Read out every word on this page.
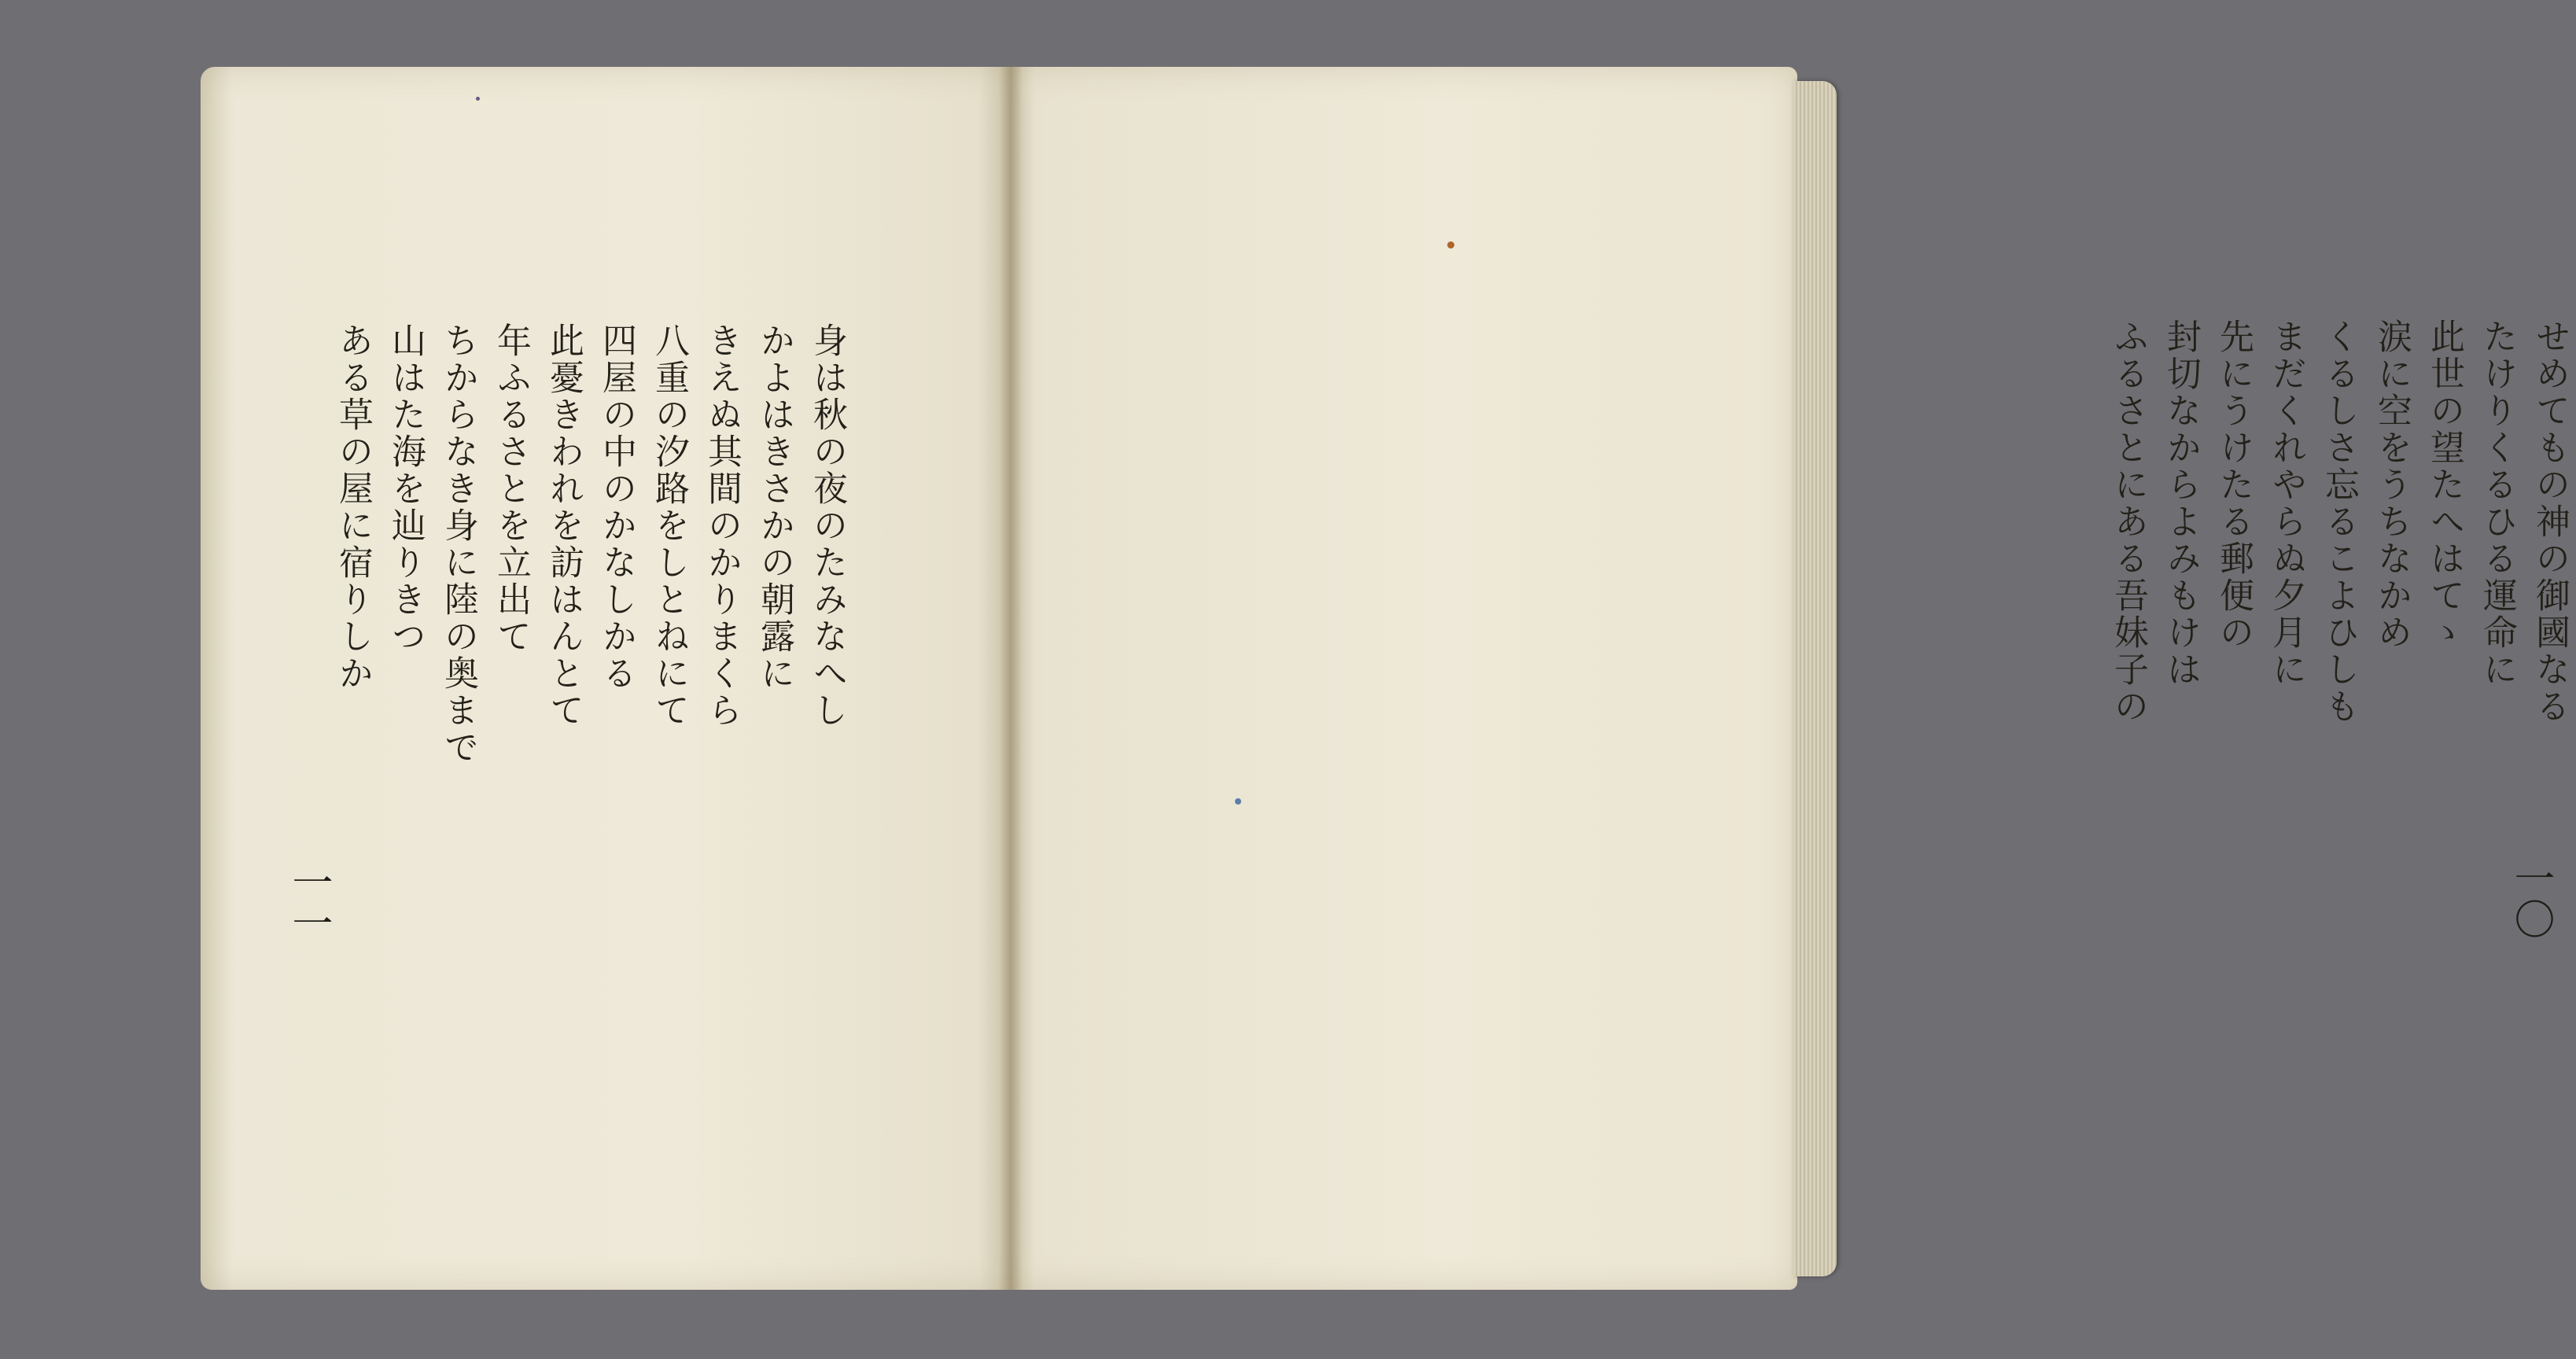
身は秋の夜のたみなへし
かよはきさかの朝露に
きえぬ其間のかりまくら
八重の汐路をしとねにて
四屋の中のかなしかる
此憂きわれを訪はんとて
年ふるさとを立出て
ちからなき身に陸の奥まで
山はた海を辿りきつ
ある草の屋に宿りしか
一一
せめてもの神の御國なる
たけりくるひる運命に
此世の望たへはてゝ
涙に空をうちなかめ
くるしさ忘るこよひしも
まだくれやらぬ夕月に
先にうけたる郵便の
封切なからよみもけは
ふるさとにある吾妹子の
一〇
